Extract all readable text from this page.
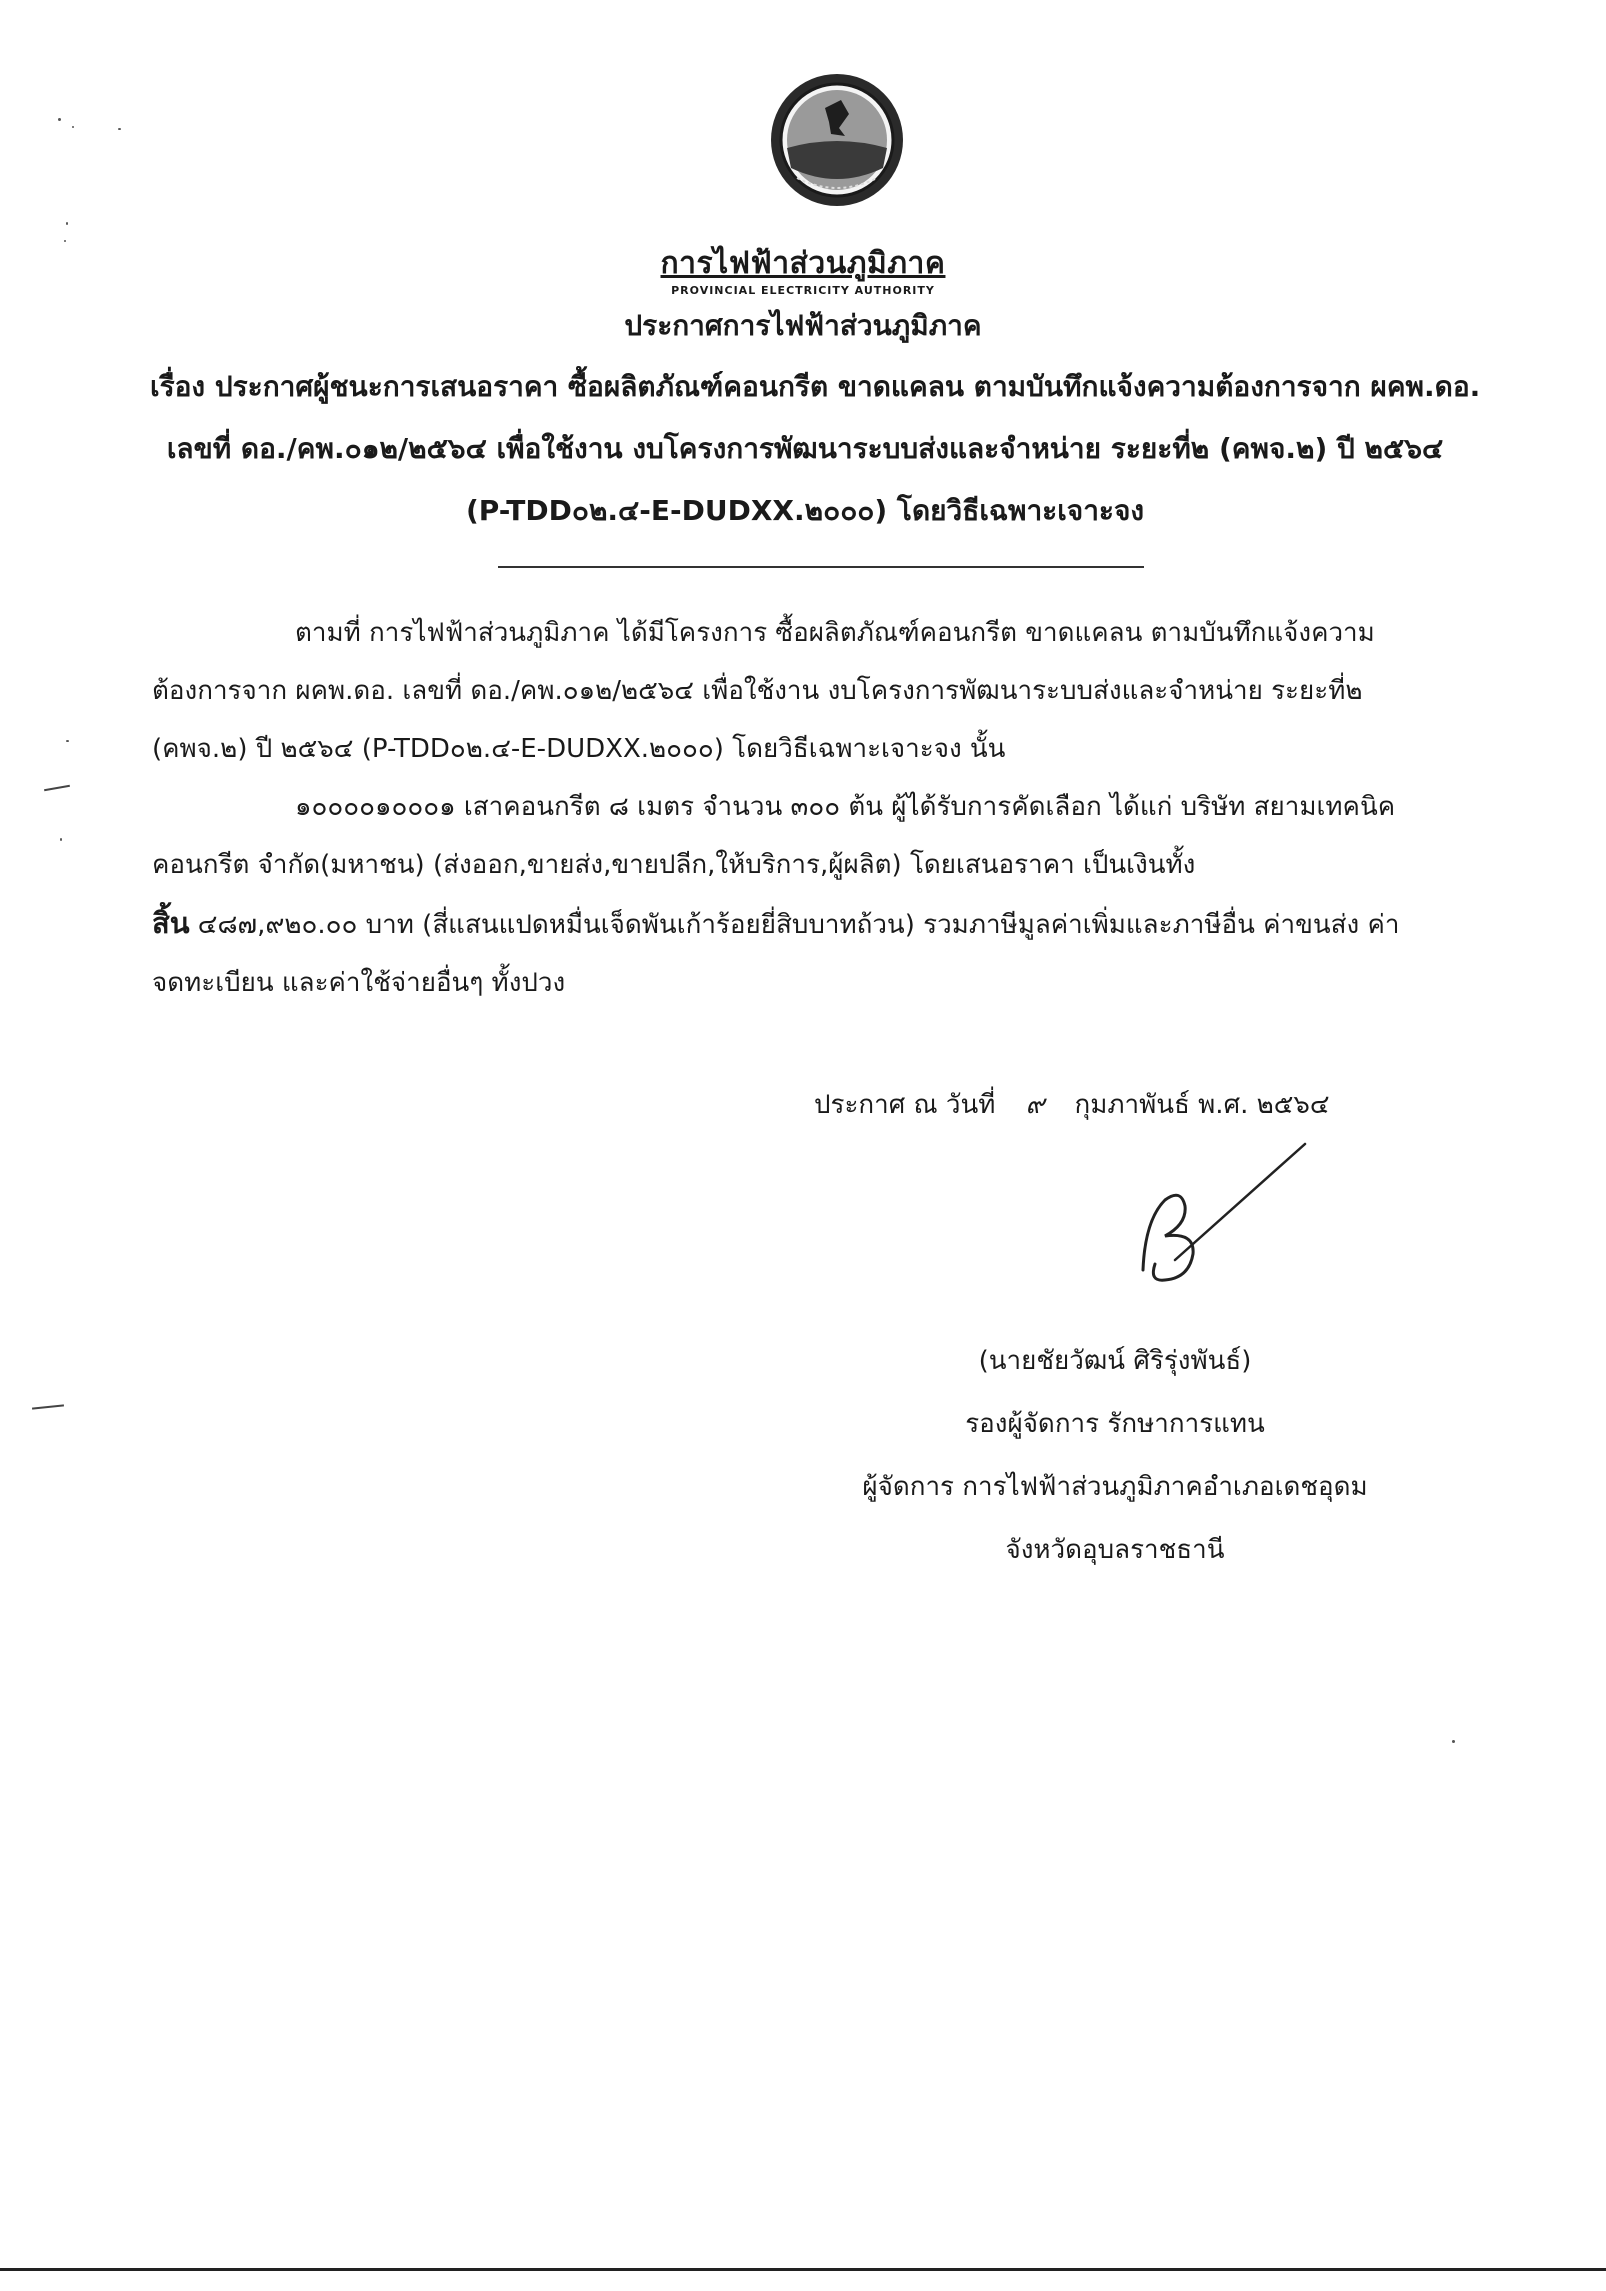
การไฟฟ้าส่วนภูมิภาค
PROVINCIAL ELECTRICITY AUTHORITY
ประกาศการไฟฟ้าส่วนภูมิภาค
เรื่อง ประกาศผู้ชนะการเสนอราคา ซื้อผลิตภัณฑ์คอนกรีต ขาดแคลน ตามบันทึกแจ้งความต้องการจาก ผคพ.ดอ.
เลขที่ ดอ./คพ.๐๑๒/๒๕๖๔ เพื่อใช้งาน งบโครงการพัฒนาระบบส่งและจำหน่าย ระยะที่๒ (คพจ.๒) ปี ๒๕๖๔
(P-TDD๐๒.๔-E-DUDXX.๒๐๐๐) โดยวิธีเฉพาะเจาะจง
ตามที่ การไฟฟ้าส่วนภูมิภาค ได้มีโครงการ ซื้อผลิตภัณฑ์คอนกรีต ขาดแคลน ตามบันทึกแจ้งความ
ต้องการจาก ผคพ.ดอ. เลขที่ ดอ./คพ.๐๑๒/๒๕๖๔ เพื่อใช้งาน งบโครงการพัฒนาระบบส่งและจำหน่าย ระยะที่๒
(คพจ.๒) ปี ๒๕๖๔ (P-TDD๐๒.๔-E-DUDXX.๒๐๐๐) โดยวิธีเฉพาะเจาะจง นั้น
๑๐๐๐๐๑๐๐๐๑ เสาคอนกรีต ๘ เมตร จำนวน ๓๐๐ ต้น ผู้ได้รับการคัดเลือก ได้แก่ บริษัท สยามเทคนิค
คอนกรีต จำกัด(มหาชน) (ส่งออก,ขายส่ง,ขายปลีก,ให้บริการ,ผู้ผลิต) โดยเสนอราคา เป็นเงินทั้ง
สิ้น ๔๘๗,๙๒๐.๐๐ บาท (สี่แสนแปดหมื่นเจ็ดพันเก้าร้อยยี่สิบบาทถ้วน) รวมภาษีมูลค่าเพิ่มและภาษีอื่น ค่าขนส่ง ค่า
จดทะเบียน และค่าใช้จ่ายอื่นๆ ทั้งปวง
ประกาศ ณ วันที่ ๙ กุมภาพันธ์ พ.ศ. ๒๕๖๔
(นายชัยวัฒน์ ศิริรุ่งพันธ์)
รองผู้จัดการ รักษาการแทน
ผู้จัดการ การไฟฟ้าส่วนภูมิภาคอำเภอเดชอุดม
จังหวัดอุบลราชธานี
